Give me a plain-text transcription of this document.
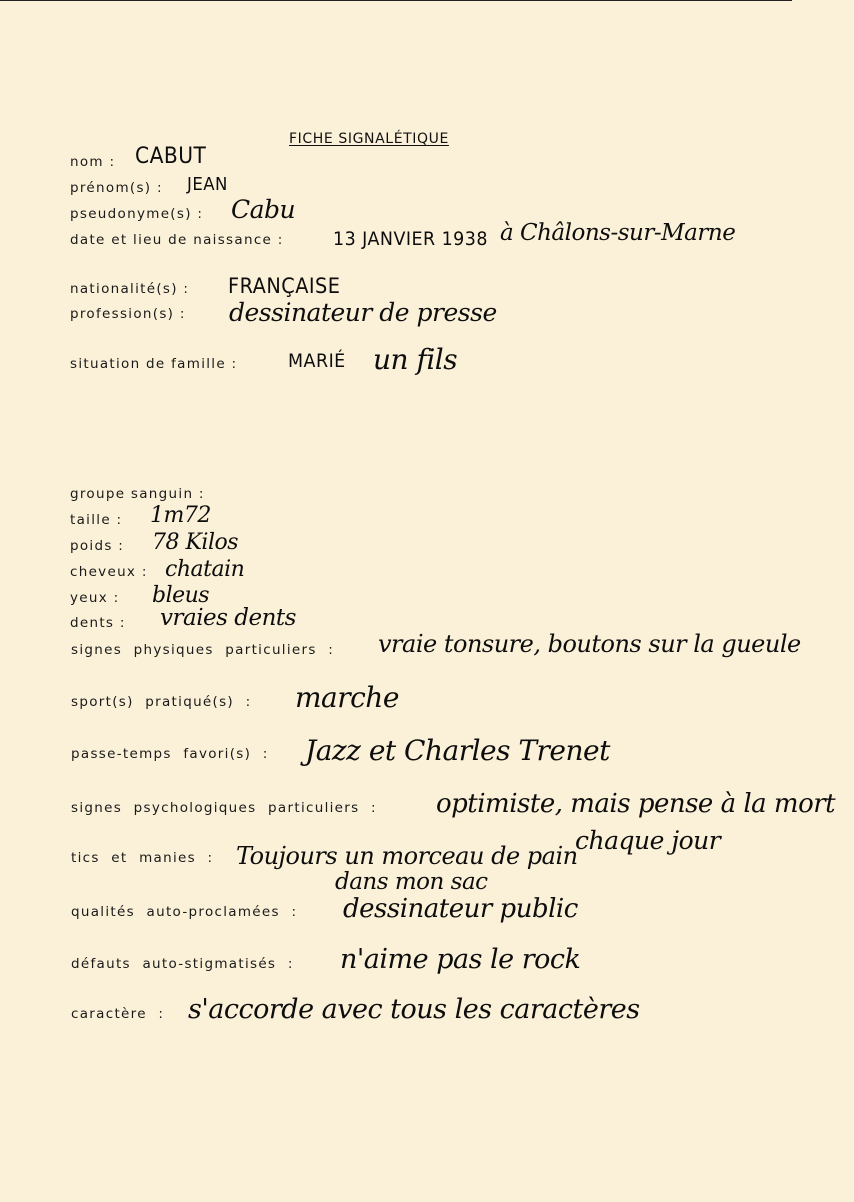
FICHE SIGNALÉTIQUE
nom : CABUT
prénom(s) : JEAN
pseudonyme(s) : Cabu
date et lieu de naissance :	13 JANVIER 1938 à Châlons-sur-Marne
nationalité(s) : FRANÇAISE
profession(s) : dessinateur de presse
situation de famille :	MARIÉ un fils
groupe sanguin :
taille : 1m72
poids : 78 Kilos
cheveux : chatain
yeux : bleus
dents : vraies dents
signes physiques particuliers : vraie tonsure, boutons sur la gueule
sport(s) pratiqué(s) : marche
passe-temps favori(s) : Jazz et Charles Trenet
signes psychologiques particuliers : optimiste, mais pense à la mort
chaque jour
tics et manies : Toujours un morceau de pain
dans mon sac
qualités auto-proclamées : dessinateur public
défauts auto-stigmatisés : n'aime pas le rock
caractère : s'accorde avec tous les caractères
